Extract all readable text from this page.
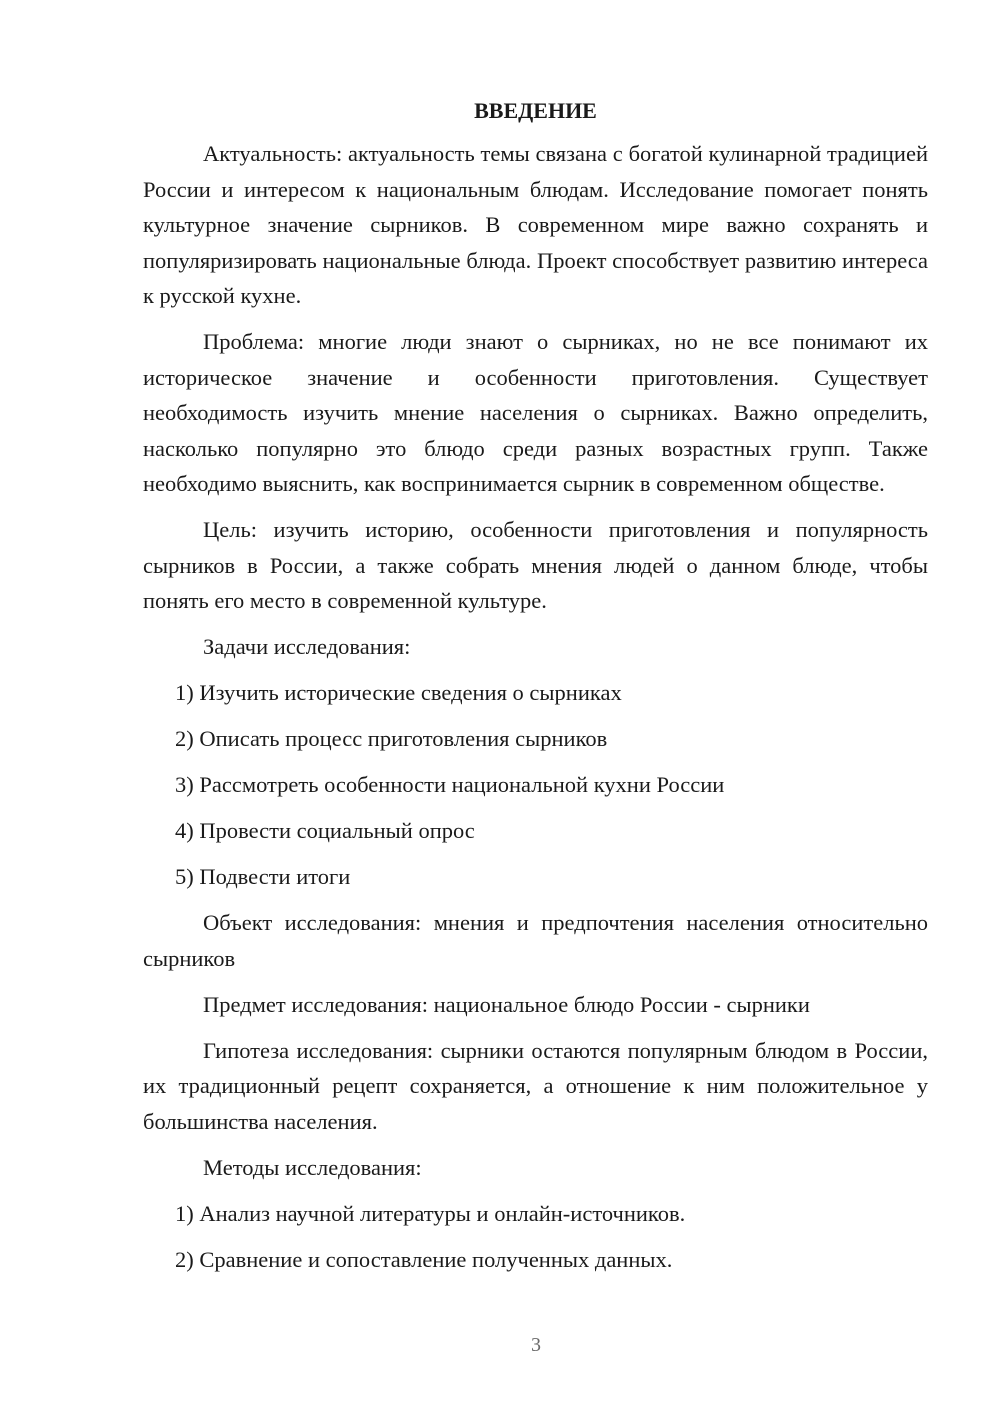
ВВЕДЕНИЕ

Актуальность: актуальность темы связана с богатой кулинарной традицией России и интересом к национальным блюдам. Исследование помогает понять культурное значение сырников. В современном мире важно сохранять и популяризировать национальные блюда. Проект способствует развитию интереса к русской кухне.

Проблема: многие люди знают о сырниках, но не все понимают их историческое значение и особенности приготовления. Существует необходимость изучить мнение населения о сырниках. Важно определить, насколько популярно это блюдо среди разных возрастных групп. Также необходимо выяснить, как воспринимается сырник в современном обществе.

Цель: изучить историю, особенности приготовления и популярность сырников в России, а также собрать мнения людей о данном блюде, чтобы понять его место в современной культуре.

Задачи исследования:

1) Изучить исторические сведения о сырниках
2) Описать процесс приготовления сырников
3) Рассмотреть особенности национальной кухни России
4) Провести социальный опрос
5) Подвести итоги

Объект исследования: мнения и предпочтения населения относительно сырников

Предмет исследования: национальное блюдо России - сырники

Гипотеза исследования: сырники остаются популярным блюдом в России, их традиционный рецепт сохраняется, а отношение к ним положительное у большинства населения.

Методы исследования:

1) Анализ научной литературы и онлайн-источников.
2) Сравнение и сопоставление полученных данных.
3
